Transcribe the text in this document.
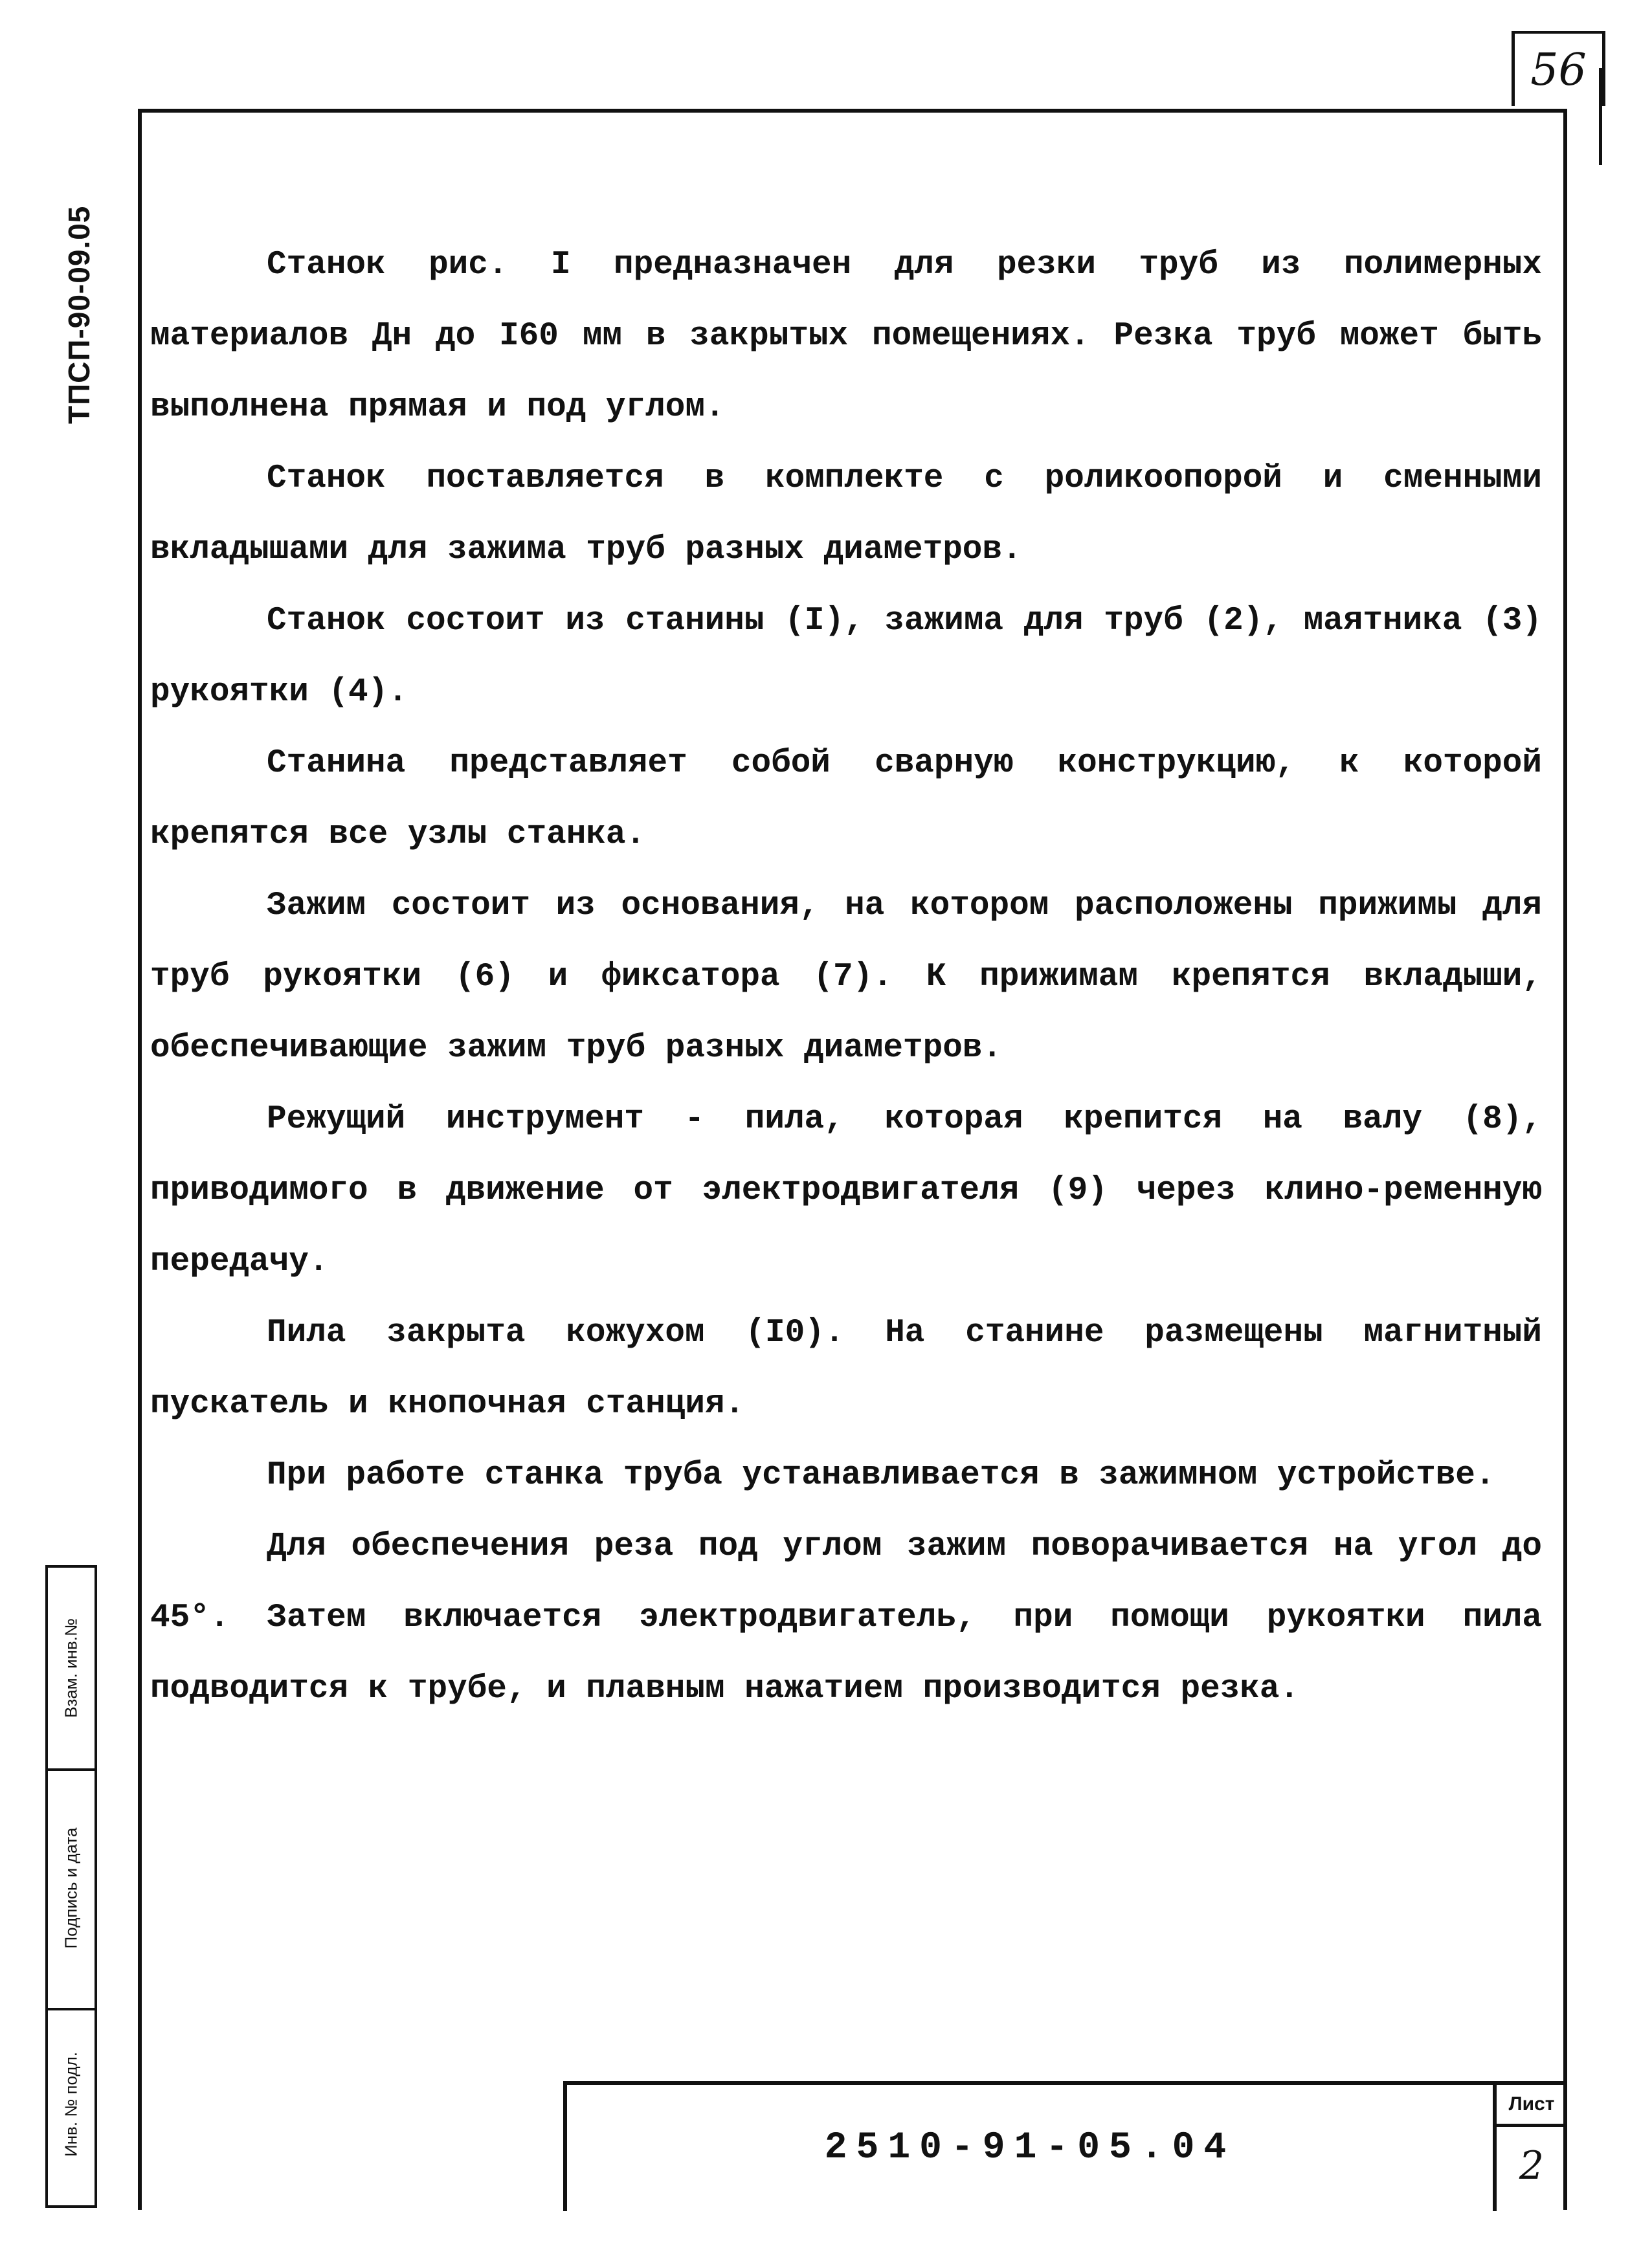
56
ТПСП-90-09.05	Станок рис. I предназначен для резки труб из полимерных материалов Дн до I60 мм в закрытых помещениях. Резка труб может быть выполнена прямая и под углом.

Станок поставляется в комплекте с роликоопорой и сменными вкладышами для зажима труб разных диаметров.

Станок состоит из станины (I), зажима для труб (2), маятника (3) рукоятки (4).

Станина представляет собой сварную конструкцию, к которой крепятся все узлы станка.

Зажим состоит из основания, на котором расположены прижимы для труб рукоятки (6) и фиксатора (7). К прижимам крепятся вкладыши, обеспечивающие зажим труб разных диаметров.

Режущий инструмент - пила, которая крепится на валу (8), приводимого в движение от электродвигателя (9) через клино-ременную передачу.

Пила закрыта кожухом (I0). На станине размещены магнитный пускатель и кнопочная станция.

При работе станка труба устанавливается в зажимном устройстве.

Для обеспечения реза под углом зажим поворачивается на угол до 45°. Затем включается электродвигатель, при помощи рукоятки пила подводится к трубе, и плавным нажатием производится резка.

Взам. инв.№
Подпись и дата
Инв. № подл.	2510-91-05.04
Лист
2
